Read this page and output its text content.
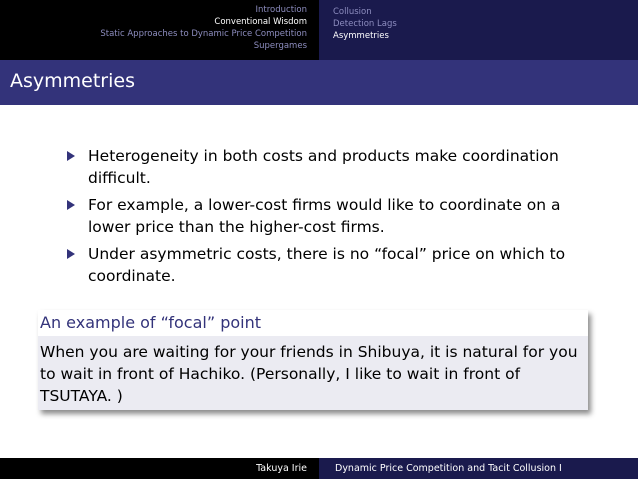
Introduction
Conventional Wisdom
Static Approaches to Dynamic Price Competition
Supergames
Collusion
Detection Lags
Asymmetries
Asymmetries
Heterogeneity in both costs and products make coordination difficult.
For example, a lower-cost firms would like to coordinate on a lower price than the higher-cost firms.
Under asymmetric costs, there is no “focal” price on which to coordinate.
An example of “focal” point
When you are waiting for your friends in Shibuya, it is natural for you to wait in front of Hachiko. (Personally, I like to wait in front of TSUTAYA. )
Takuya Irie	Dynamic Price Competition and Tacit Collusion I
